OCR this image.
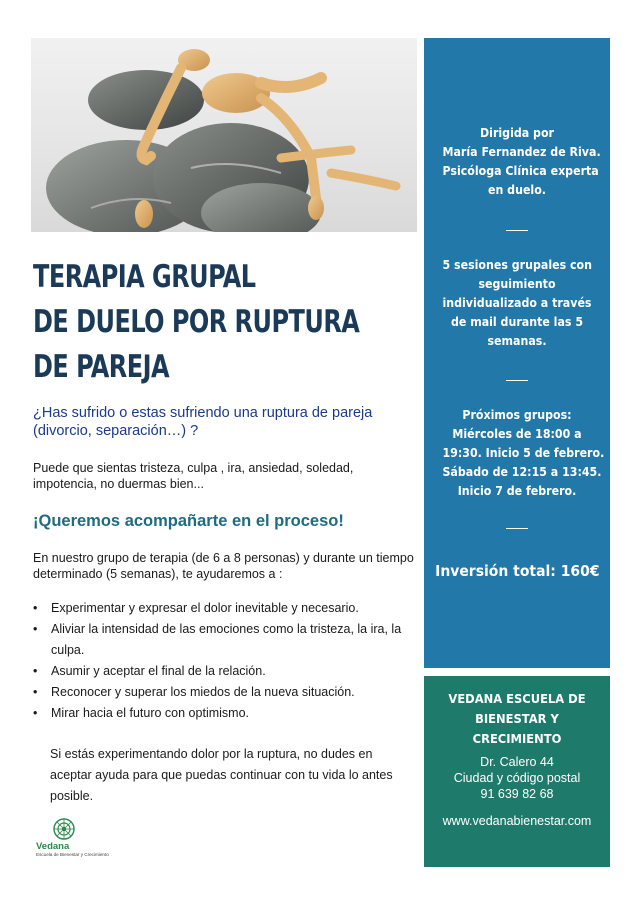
TERAPIA GRUPAL
DE DUELO POR RUPTURA
DE PAREJA

¿Has sufrido o estas sufriendo una ruptura de pareja (divorcio, separación…) ?

Puede que sientas tristeza, culpa , ira, ansiedad, soledad, impotencia, no duermas bien...

¡Queremos acompañarte en el proceso!

En nuestro grupo de terapia (de 6 a 8 personas) y durante un tiempo determinado (5 semanas), te ayudaremos a :

• Experimentar y expresar el dolor inevitable y necesario.
• Aliviar la intensidad de las emociones como la tristeza, la ira, la culpa.
• Asumir y aceptar el final de la relación.
• Reconocer y superar los miedos de la nueva situación.
• Mirar hacia el futuro con optimismo.

Si estás experimentando dolor por la ruptura, no dudes en aceptar ayuda para que puedas continuar con tu vida lo antes posible.

Vedana
Escuela de Bienestar y Crecimiento

Dirigida por
María Fernandez de Riva.
Psicóloga Clínica experta
en duelo.

5 sesiones grupales con
seguimiento
individualizado a través
de mail durante las 5
semanas.

Próximos grupos:
Miércoles de 18:00 a
19:30. Inicio 5 de febrero.
Sábado de 12:15 a 13:45.
Inicio 7 de febrero.

Inversión total: 160€

VEDANA ESCUELA DE
BIENESTAR Y
CRECIMIENTO

Dr. Calero 44

Ciudad y código postal

91 639 82 68

www.vedanabienestar.com
